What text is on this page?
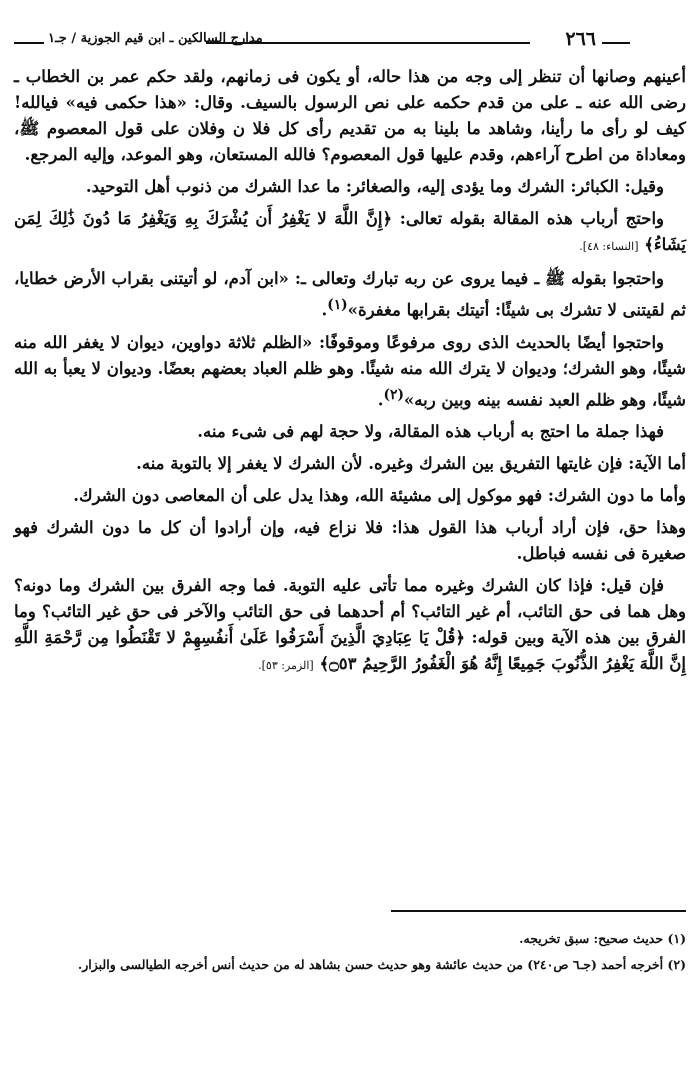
٢٦٦
مدارج السالكين ـ ابن قيم الجوزية / جـ١

أعينهم وصانها أن تنظر إلى وجه من هذا حاله، أو يكون فى زمانهم، ولقد حكم عمر بن الخطاب ـ رضى الله عنه ـ على من قدم حكمه على نص الرسول بالسيف. وقال: «هذا حكمى فيه» فيالله! كيف لو رأى ما رأينا، وشاهد ما بلينا به من تقديم رأى كل فلا ن وفلان على قول المعصوم ﷺ، ومعاداة من اطرح آراءهم، وقدم عليها قول المعصوم؟ فالله المستعان، وهو الموعد، وإليه المرجع.

وقيل: الكبائر: الشرك وما يؤدى إليه، والصغائر: ما عدا الشرك من ذنوب أهل التوحيد.

واحتج أرباب هذه المقالة بقوله تعالى: ﴿إِنَّ اللَّهَ لا يَغْفِرُ أَن يُشْرَكَ بِهِ وَيَغْفِرُ مَا دُونَ ذَٰلِكَ لِمَن يَشَاءُ﴾ [النساء: ٤٨].

واحتجوا بقوله ﷺ ـ فيما يروى عن ربه تبارك وتعالى ـ: «ابن آدم، لو أتيتنى بقراب الأرض خطايا، ثم لقيتنى لا تشرك بى شيئًا: أتيتك بقرابها مغفرة»$^{(١)}$.

واحتجوا أيضًا بالحديث الذى روى مرفوعًا وموقوفًا: «الظلم ثلاثة دواوين، ديوان لا يغفر الله منه شيئًا، وهو الشرك؛ وديوان لا يترك الله منه شيئًا. وهو ظلم العباد بعضهم بعضًا. وديوان لا يعبأ به الله شيئًا، وهو ظلم العبد نفسه بينه وبين ربه»$^{(٢)}$.

فهذا جملة ما احتج به أرباب هذه المقالة، ولا حجة لهم فى شىء منه.

أما الآية: فإن غايتها التفريق بين الشرك وغيره. لأن الشرك لا يغفر إلا بالتوبة منه.

وأما ما دون الشرك: فهو موكول إلى مشيئة الله، وهذا يدل على أن المعاصى دون الشرك.

وهذا حق، فإن أراد أرباب هذا القول هذا: فلا نزاع فيه، وإن أرادوا أن كل ما دون الشرك فهو صغيرة فى نفسه فباطل.

فإن قيل: فإذا كان الشرك وغيره مما تأتى عليه التوبة. فما وجه الفرق بين الشرك وما دونه؟ وهل هما فى حق التائب، أم غير التائب؟ أم أحدهما فى حق التائب والآخر فى حق غير التائب؟ وما الفرق بين هذه الآية وبين قوله: ﴿قُلْ يَا عِبَادِيَ الَّذِينَ أَسْرَفُوا عَلَىٰ أَنفُسِهِمْ لا تَقْنَطُوا مِن رَّحْمَةِ اللَّهِ إِنَّ اللَّهَ يَغْفِرُ الذُّنُوبَ جَمِيعًا إِنَّهُ هُوَ الْغَفُورُ الرَّحِيمُ ۝٥٣﴾ [الزمر: ٥٣].

(١) حديث صحيح: سبق تخريجه.

(٢) أخرجه أحمد (جـ٦ ص٢٤٠) من حديث عائشة وهو حديث حسن بشاهد له من حديث أنس أخرجه الطيالسى والبزار.
